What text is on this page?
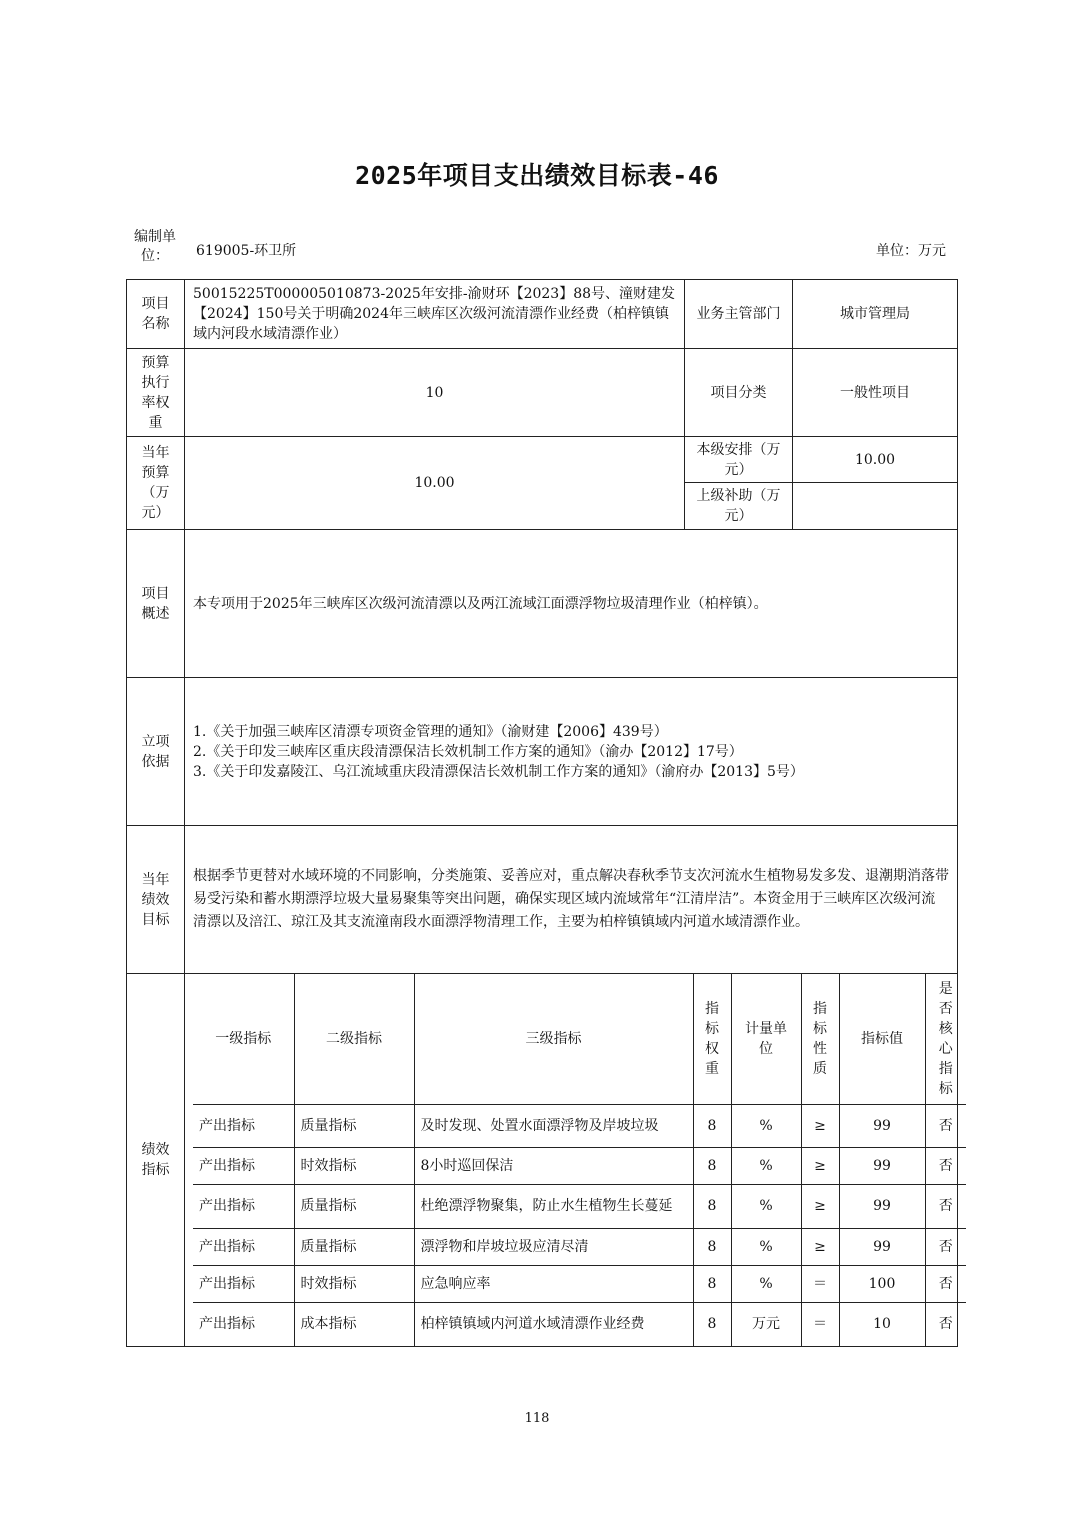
2025年项目支出绩效目标表-46
编制单位：	619005-环卫所	单位：万元
项目名称	50015225T000005010873-2025年安排-渝财环【2023】88号、潼财建发【2024】150号关于明确2024年三峡库区次级河流清漂作业经费（柏梓镇镇域内河段水域清漂作业）	业务主管部门	城市管理局
预算执行率权重	10	项目分类	一般性项目
当年预算（万元）	10.00	本级安排（万元）	10.00
上级补助（万元）	
项目概述	本专项用于2025年三峡库区次级河流清漂以及两江流域江面漂浮物垃圾清理作业（柏梓镇）。
立项依据	
1.《关于加强三峡库区清漂专项资金管理的通知》（渝财建【2006】439号）
2.《关于印发三峡库区重庆段清漂保洁长效机制工作方案的通知》（渝办【2012】17号）
3.《关于印发嘉陵江、乌江流域重庆段清漂保洁长效机制工作方案的通知》（渝府办【2013】5号）

当年绩效目标	根据季节更替对水域环境的不同影响，分类施策、妥善应对，重点解决春秋季节支次河流水生植物易发多发、退潮期消落带易受污染和蓄水期漂浮垃圾大量易聚集等突出问题，确保实现区域内流域常年“江清岸洁”。本资金用于三峡库区次级河流清漂以及涪江、琼江及其支流潼南段水面漂浮物清理工作，主要为柏梓镇镇域内河道水域清漂作业。
绩效指标	
一级指标	二级指标	三级指标	指标权重	计量单位	指标性质	指标值	是否核心指标
产出指标	质量指标	及时发现、处置水面漂浮物及岸坡垃圾	8	%	≥	99	否
产出指标	时效指标	8小时巡回保洁	8	%	≥	99	否
产出指标	质量指标	杜绝漂浮物聚集，防止水生植物生长蔓延	8	%	≥	99	否
产出指标	质量指标	漂浮物和岸坡垃圾应清尽清	8	%	≥	99	否
产出指标	时效指标	应急响应率	8	%	＝	100	否
产出指标	成本指标	柏梓镇镇域内河道水域清漂作业经费	8	万元	＝	10	否
118
